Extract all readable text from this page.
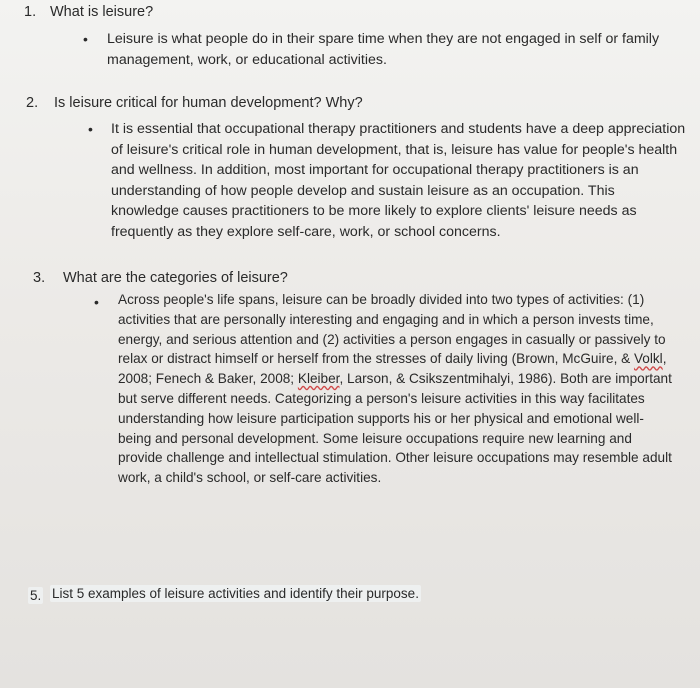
1. What is leisure?
• Leisure is what people do in their spare time when they are not engaged in self or family management, work, or educational activities.
2. Is leisure critical for human development? Why?
• It is essential that occupational therapy practitioners and students have a deep appreciation of leisure's critical role in human development, that is, leisure has value for people's health and wellness. In addition, most important for occupational therapy practitioners is an understanding of how people develop and sustain leisure as an occupation. This knowledge causes practitioners to be more likely to explore clients' leisure needs as frequently as they explore self-care, work, or school concerns.
3. What are the categories of leisure?
• Across people's life spans, leisure can be broadly divided into two types of activities: (1) activities that are personally interesting and engaging and in which a person invests time, energy, and serious attention and (2) activities a person engages in casually or passively to relax or distract himself or herself from the stresses of daily living (Brown, McGuire, & Volkl, 2008; Fenech & Baker, 2008; Kleiber, Larson, & Csikszentmihalyi, 1986). Both are important but serve different needs. Categorizing a person's leisure activities in this way facilitates understanding how leisure participation supports his or her physical and emotional well-being and personal development. Some leisure occupations require new learning and provide challenge and intellectual stimulation. Other leisure occupations may resemble adult work, a child's school, or self-care activities.
5. List 5 examples of leisure activities and identify their purpose.
